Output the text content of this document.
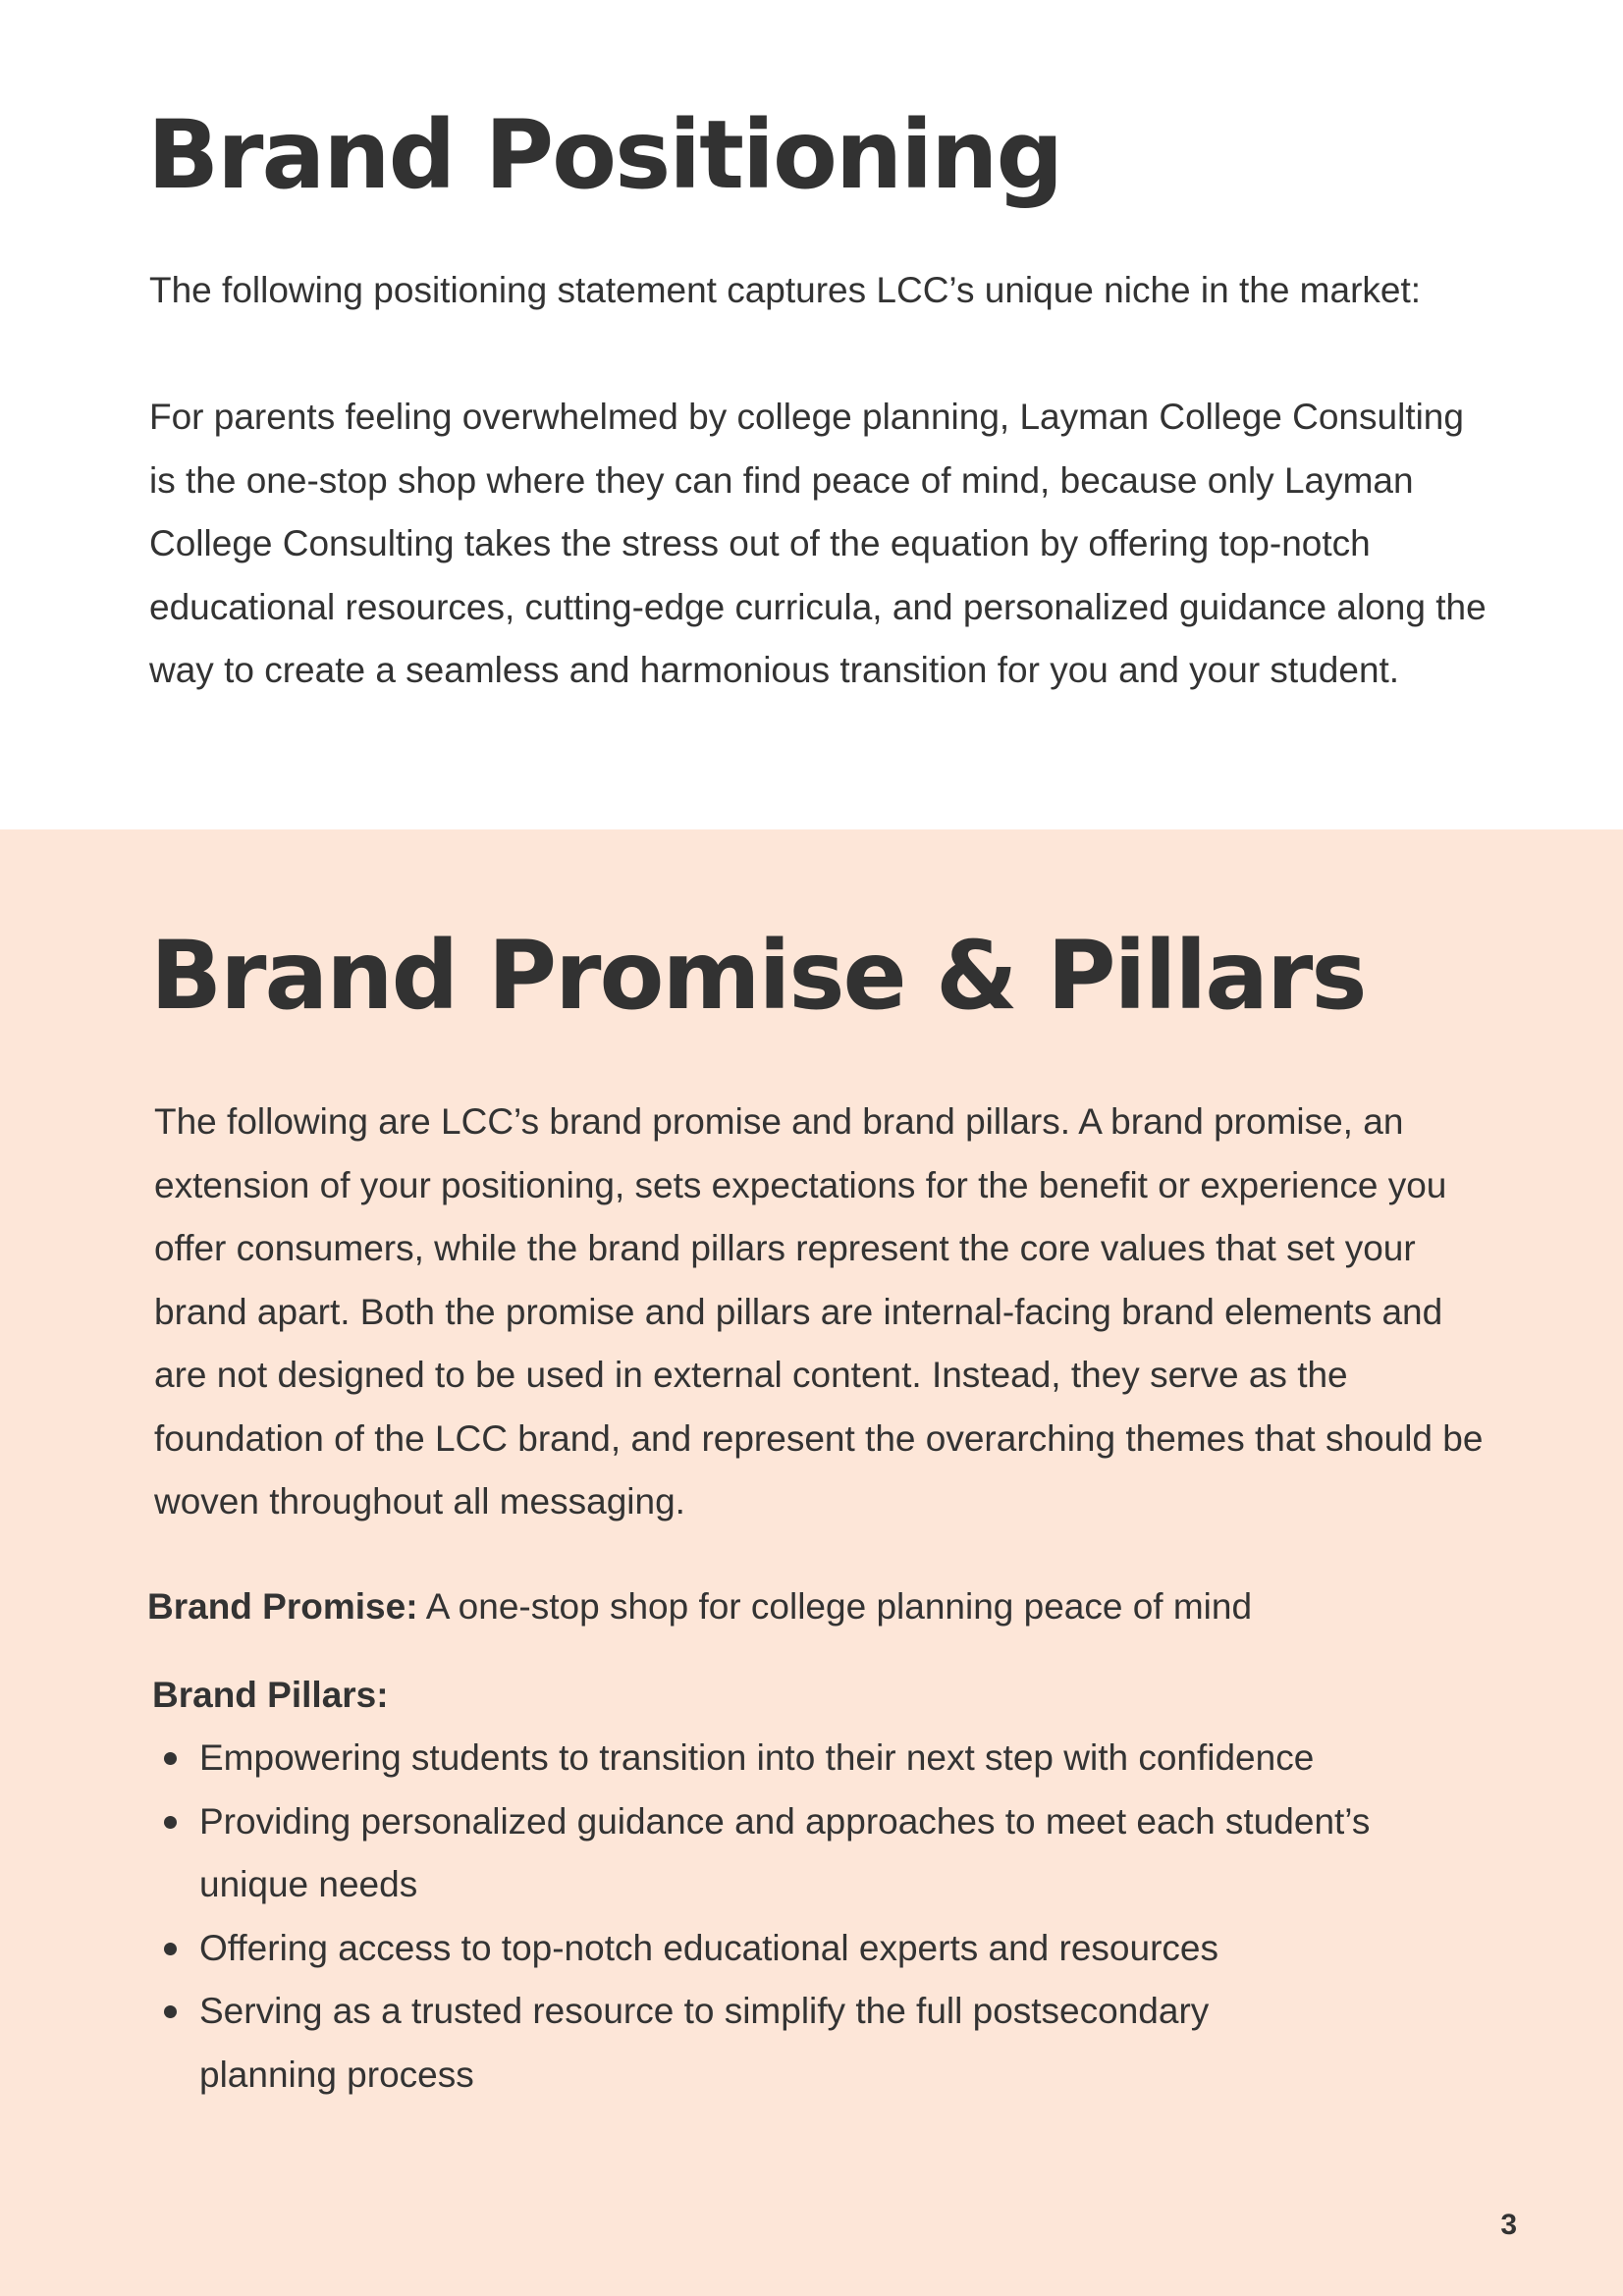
Brand Positioning

The following positioning statement captures LCC’s unique niche in the market:

For parents feeling overwhelmed by college planning, Layman College Consulting is the one-stop shop where they can find peace of mind, because only Layman College Consulting takes the stress out of the equation by offering top-notch educational resources, cutting-edge curricula, and personalized guidance along the way to create a seamless and harmonious transition for you and your student.

Brand Promise & Pillars

The following are LCC’s brand promise and brand pillars. A brand promise, an extension of your positioning, sets expectations for the benefit or experience you offer consumers, while the brand pillars represent the core values that set your brand apart. Both the promise and pillars are internal-facing brand elements and are not designed to be used in external content. Instead, they serve as the foundation of the LCC brand, and represent the overarching themes that should be woven throughout all messaging.

Brand Promise: A one-stop shop for college planning peace of mind

Brand Pillars:

Empowering students to transition into their next step with confidence
Providing personalized guidance and approaches to meet each student’s unique needs
Offering access to top-notch educational experts and resources
Serving as a trusted resource to simplify the full postsecondary planning process

3
